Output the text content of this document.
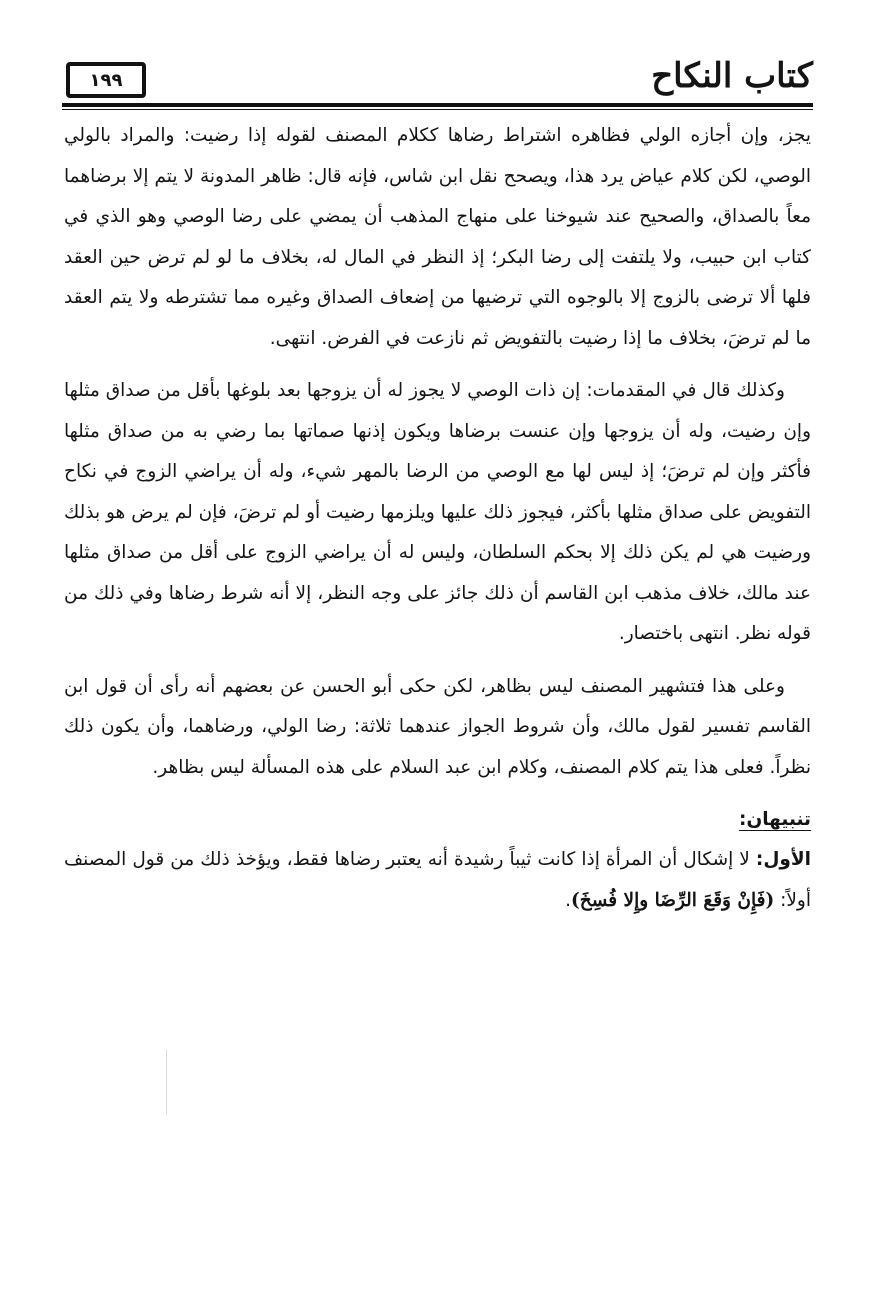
كتاب النكاح
١٩٩

يجز، وإن أجازه الولي فظاهره اشتراط رضاها ككلام المصنف لقوله إذا رضيت: والمراد بالولي الوصي، لكن كلام عياض يرد هذا، ويصحح نقل ابن شاس، فإنه قال: ظاهر المدونة لا يتم إلا برضاهما معاً بالصداق، والصحيح عند شيوخنا على منهاج المذهب أن يمضي على رضا الوصي وهو الذي في كتاب ابن حبيب، ولا يلتفت إلى رضا البكر؛ إذ النظر في المال له، بخلاف ما لو لم ترض حين العقد فلها ألا ترضى بالزوج إلا بالوجوه التي ترضيها من إضعاف الصداق وغيره مما تشترطه ولا يتم العقد ما لم ترضَ، بخلاف ما إذا رضيت بالتفويض ثم نازعت في الفرض. انتهى.

وكذلك قال في المقدمات: إن ذات الوصي لا يجوز له أن يزوجها بعد بلوغها بأقل من صداق مثلها وإن رضيت، وله أن يزوجها وإن عنست برضاها ويكون إذنها صماتها بما رضي به من صداق مثلها فأكثر وإن لم ترضَ؛ إذ ليس لها مع الوصي من الرضا بالمهر شيء، وله أن يراضي الزوج في نكاح التفويض على صداق مثلها بأكثر، فيجوز ذلك عليها ويلزمها رضيت أو لم ترضَ، فإن لم يرض هو بذلك ورضيت هي لم يكن ذلك إلا بحكم السلطان، وليس له أن يراضي الزوج على أقل من صداق مثلها عند مالك، خلاف مذهب ابن القاسم أن ذلك جائز على وجه النظر، إلا أنه شرط رضاها وفي ذلك من قوله نظر. انتهى باختصار.

وعلى هذا فتشهير المصنف ليس بظاهر، لكن حكى أبو الحسن عن بعضهم أنه رأى أن قول ابن القاسم تفسير لقول مالك، وأن شروط الجواز عندهما ثلاثة: رضا الولي، ورضاهما، وأن يكون ذلك نظراً. فعلى هذا يتم كلام المصنف، وكلام ابن عبد السلام على هذه المسألة ليس بظاهر.

تنبيهان:

الأول: لا إشكال أن المرأة إذا كانت ثيباً رشيدة أنه يعتبر رضاها فقط، ويؤخذ ذلك من قول المصنف أولاً: (فَإِنْ وَقَعَ الرِّضَا وإِلا فُسِخَ).
